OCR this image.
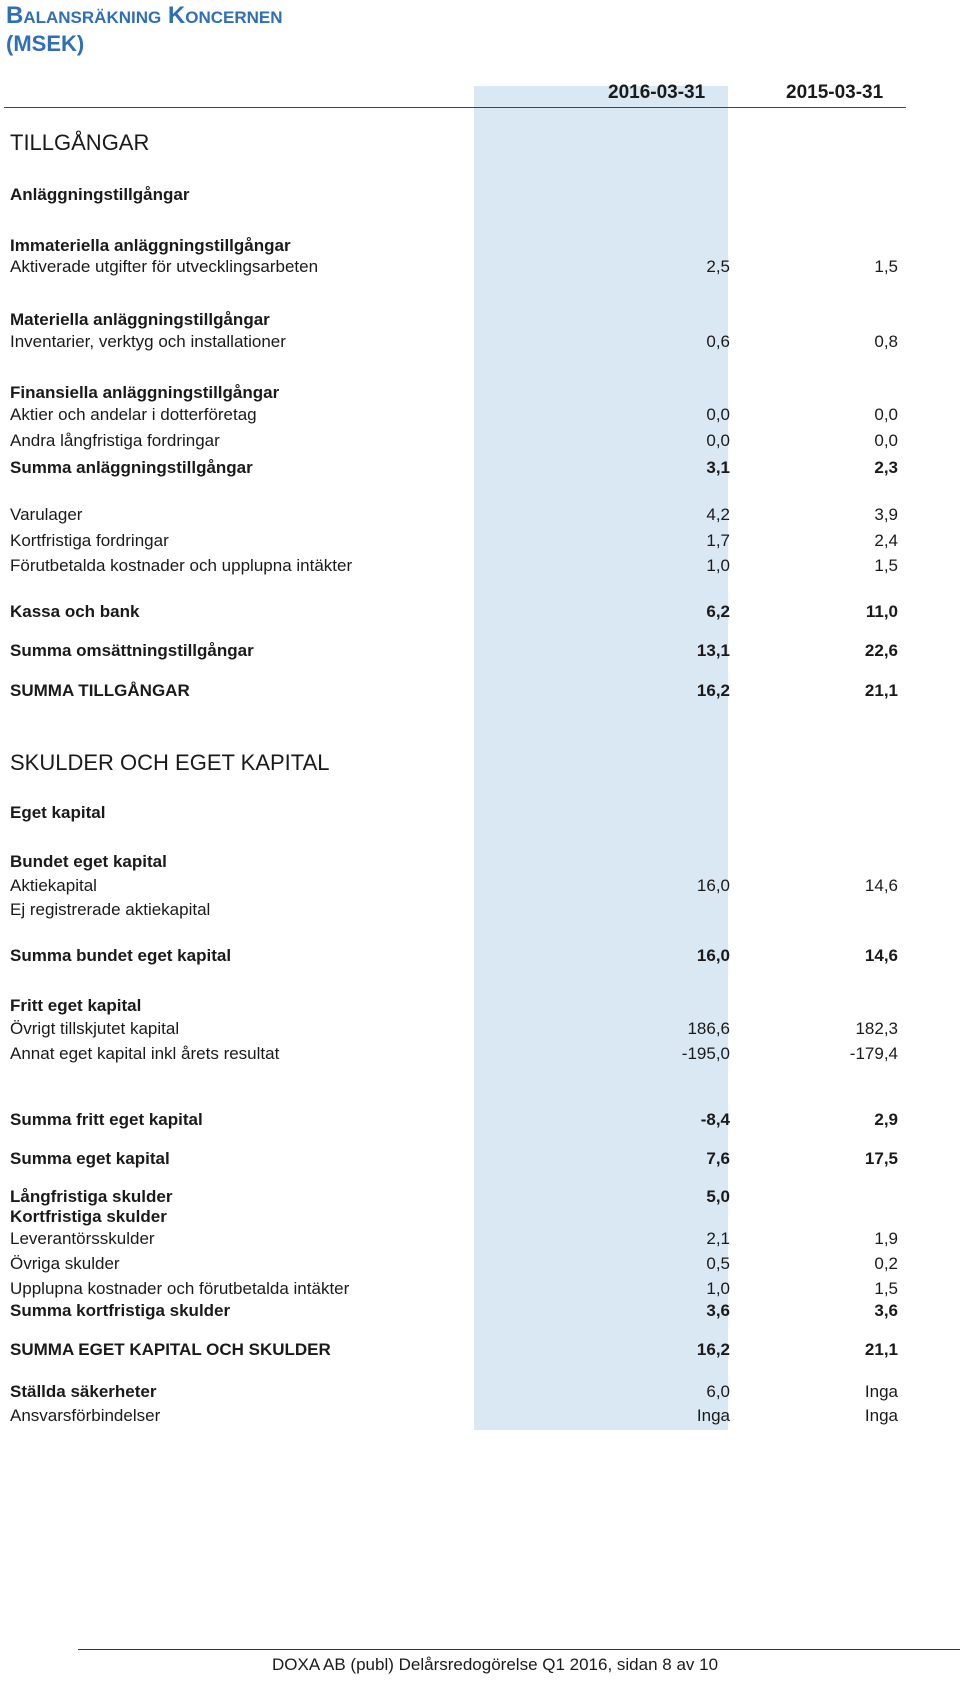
Balansräkning Koncernen
(MSEK)
2016-03-31	2015-03-31
TILLGÅNGAR
Anläggningstillgångar
Immateriella anläggningstillgångar
Aktiverade utgifter för utvecklingsarbeten	2,5	1,5
Materiella anläggningstillgångar
Inventarier, verktyg och installationer	0,6	0,8
Finansiella anläggningstillgångar
Aktier och andelar i dotterföretag	0,0	0,0
Andra långfristiga fordringar	0,0	0,0
Summa anläggningstillgångar	3,1	2,3
Varulager	4,2	3,9
Kortfristiga fordringar	1,7	2,4
Förutbetalda kostnader och upplupna intäkter	1,0	1,5
Kassa och bank	6,2	11,0
Summa omsättningstillgångar	13,1	22,6
SUMMA TILLGÅNGAR	16,2	21,1
SKULDER OCH EGET KAPITAL
Eget kapital
Bundet eget kapital
Aktiekapital	16,0	14,6
Ej registrerade aktiekapital
Summa bundet eget kapital	16,0	14,6
Fritt eget kapital
Övrigt tillskjutet kapital	186,6	182,3
Annat eget kapital inkl årets resultat	-195,0	-179,4
Summa fritt eget kapital	-8,4	2,9
Summa eget kapital	7,6	17,5
Långfristiga skulder	5,0
Kortfristiga skulder
Leverantörsskulder	2,1	1,9
Övriga skulder	0,5	0,2
Upplupna kostnader och förutbetalda intäkter	1,0	1,5
Summa kortfristiga skulder	3,6	3,6
SUMMA EGET KAPITAL OCH SKULDER	16,2	21,1
Ställda säkerheter	6,0	Inga
Ansvarsförbindelser	Inga	Inga
DOXA AB (publ) Delårsredogörelse Q1 2016, sidan 8 av 10
